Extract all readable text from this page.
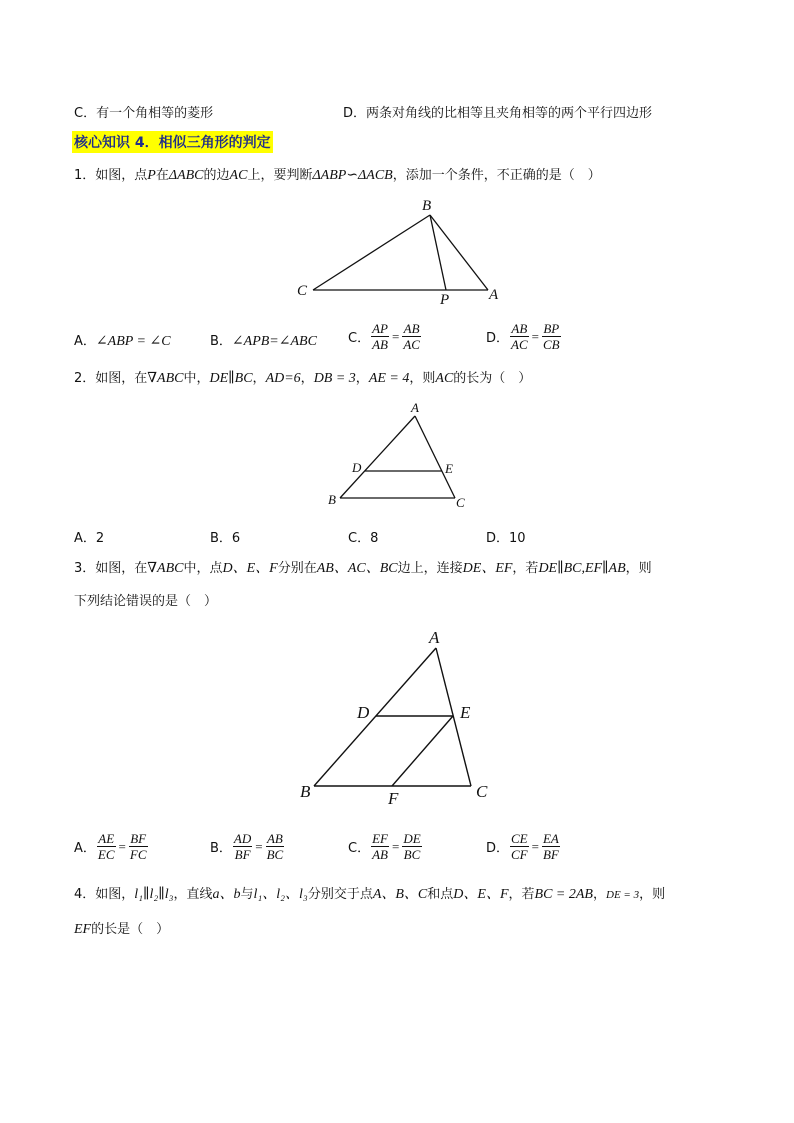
C．有一个角相等的菱形	D．两条对角线的比相等且夹角相等的两个平行四边形
核心知识 4．相似三角形的判定
1．如图，点P在ΔABC的边AC上，要判断ΔABP∽ΔACB，添加一个条件，不正确的是（　）
B
C
P	A
A．∠ABP = ∠C	B．∠APB=∠ABC C． $\frac{AP}{AB} = \frac{AB}{AC}$	D． $\frac{AB}{AC} = \frac{BP}{CB}$
2．如图，在∇ABC中，DE∥BC，AD=6，DB = 3，AE = 4，则AC的长为（　）
A
D	E
B	C
A．2	B．6	C．8	D．10
3．如图，在∇ABC中，点D、E、F分别在AB、AC、BC边上，连接DE、EF，若DE∥BC,EF∥AB，则
下列结论错误的是（　）
A
D	E
B	F	C
A． $\frac{AE}{EC} = \frac{BF}{FC}$	B． $\frac{AD}{BF} = \frac{AB}{BC}$	C． $\frac{EF}{AB} = \frac{DE}{BC}$	D． $\frac{CE}{CF} = \frac{EA}{BF}$
4．如图，l₁∥l₂∥l₃，直线a、b与l₁、l₂、l₃分别交于点A、B、C和点D、E、F，若BC = 2AB，DE = 3，则
EF的长是（　）
